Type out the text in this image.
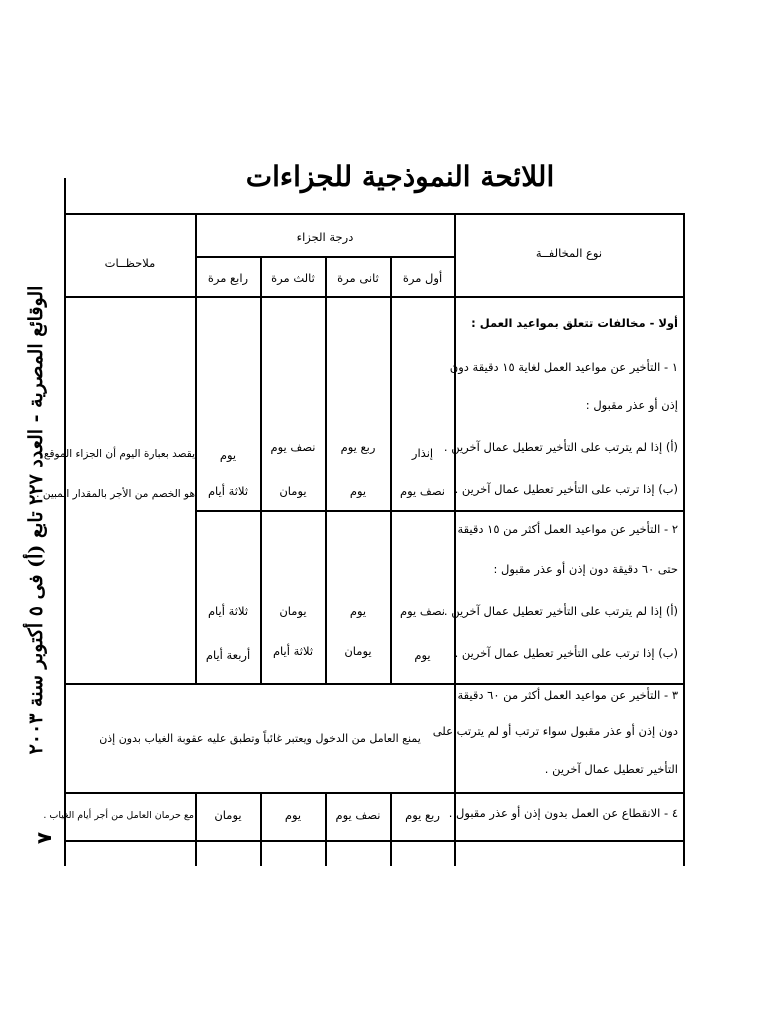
اللائحة النموذجية للجزاءات
الوقائع المصرية - العدد ٢٢٧ تابع (أ) فى ٥ أكتوبر سنة ٢٠٠٣
٧
نوع المخالفــة
درجة الجزاء
أول مرة
ثانى مرة
ثالث مرة
رابع مرة
ملاحظــات
أولا - مخالفات تتعلق بمواعيد العمل :
١ - التأخير عن مواعيد العمل لغاية ١٥ دقيقة دون
إذن أو عذر مقبول :
(أ) إذا لم يترتب على التأخير تعطيل عمال آخرين .
(ب) إذا ترتب على التأخير تعطيل عمال آخرين .
إنذار
ربع يوم
نصف يوم
يوم
نصف يوم
يوم
يومان
ثلاثة أيام
يقصد بعبارة اليوم أن الجزاء الموقع
هو الخصم من الأجر بالمقدار المبين .
٢ - التأخير عن مواعيد العمل أكثر من ١٥ دقيقة
حتى ٦٠ دقيقة دون إذن أو عذر مقبول :
(أ) إذا لم يترتب على التأخير تعطيل عمال آخرين .
(ب) إذا ترتب على التأخير تعطيل عمال آخرين .
نصف يوم
يوم
يومان
ثلاثة أيام
يوم
يومان
ثلاثة أيام
أربعة أيام
٣ - التأخير عن مواعيد العمل أكثر من ٦٠ دقيقة
دون إذن أو عذر مقبول سواء ترتب أو لم يترتب على
التأخير تعطيل عمال آخرين .
يمنع العامل من الدخول ويعتبر غائباً وتطبق عليه عقوبة الغياب بدون إذن
٤ - الانقطاع عن العمل بدون إذن أو عذر مقبول .
ربع يوم
نصف يوم
يوم
يومان
مع حرمان العامل من أجر أيام الغياب .
